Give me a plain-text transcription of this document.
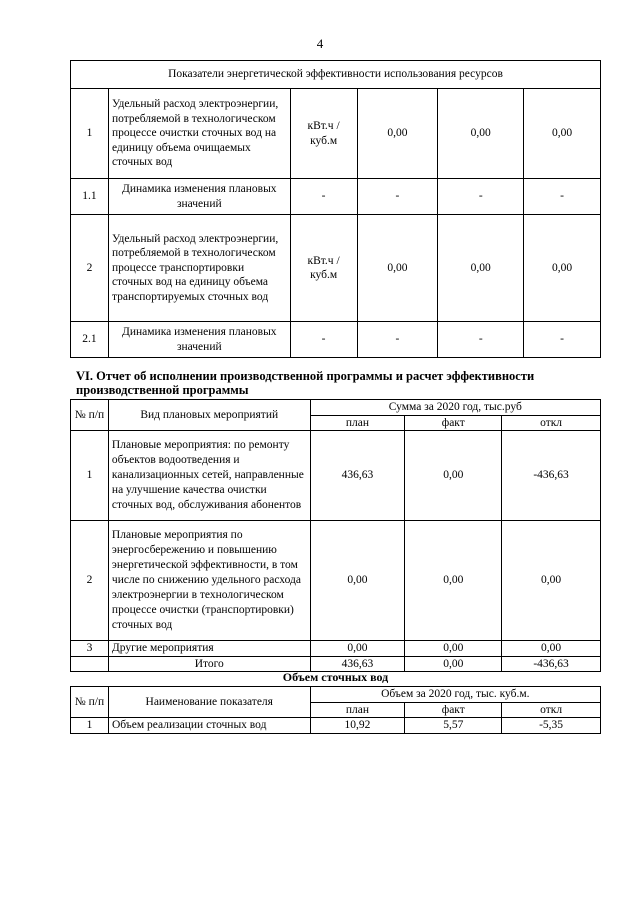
4
Показатели энергетической эффективности использования ресурсов					
1	Удельный расход электроэнергии, потребляемой в технологическом процессе очистки сточных вод на единицу объема очищаемых сточных вод	кВт.ч / куб.м	0,00	0,00	0,00
1.1	Динамика изменения плановых значений	-	-	-	-
2	Удельный расход электроэнергии, потребляемой в технологическом процессе транспортировки сточных вод на единицу объема транспортируемых сточных вод	кВт.ч / куб.м	0,00	0,00	0,00
2.1	Динамика изменения плановых значений	-	-	-	-
VI. Отчет об исполнении производственной программы и расчет эффективности производственной программы
№ п/п	Вид плановых мероприятий	Сумма за 2020 год, тыс.руб		
		план	факт	откл
1	Плановые мероприятия: по ремонту объектов водоотведения и канализационных сетей, направленные на улучшение качества очистки сточных вод, обслуживания абонентов	436,63	0,00	-436,63
2	Плановые мероприятия по энергосбережению и повышению энергетической эффективности, в том числе по снижению удельного расхода электроэнергии в технологическом процессе очистки (транспортировки) сточных вод	0,00	0,00	0,00
3	Другие мероприятия	0,00	0,00	0,00
	Итого	436,63	0,00	-436,63
Объем сточных вод
№ п/п	Наименование показателя	Объем за 2020 год, тыс. куб.м.		
		план	факт	откл
1	Объем реализации сточных вод	10,92	5,57	-5,35
